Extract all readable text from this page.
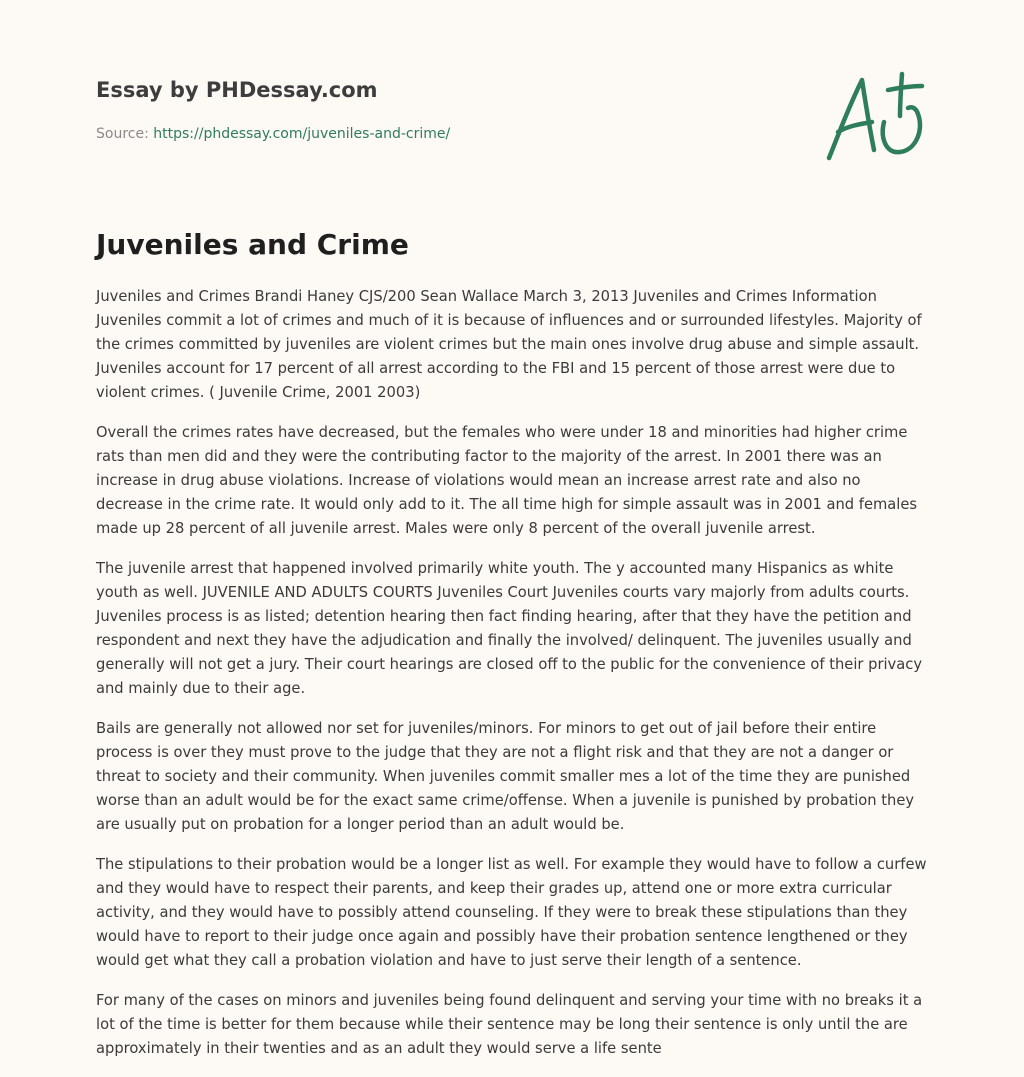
Essay by PHDessay.com
Source: https://phdessay.com/juveniles-and-crime/
Juveniles and Crime

Juveniles and Crimes Brandi Haney CJS/200 Sean Wallace March 3, 2013 Juveniles and Crimes Information Juveniles commit a lot of crimes and much of it is because of influences and or surrounded lifestyles. Majority of the crimes committed by juveniles are violent crimes but the main ones involve drug abuse and simple assault. Juveniles account for 17 percent of all arrest according to the FBI and 15 percent of those arrest were due to violent crimes. ( Juvenile Crime, 2001 2003)

Overall the crimes rates have decreased, but the females who were under 18 and minorities had higher crime rats than men did and they were the contributing factor to the majority of the arrest. In 2001 there was an increase in drug abuse violations. Increase of violations would mean an increase arrest rate and also no decrease in the crime rate. It would only add to it. The all time high for simple assault was in 2001 and females made up 28 percent of all juvenile arrest. Males were only 8 percent of the overall juvenile arrest.

The juvenile arrest that happened involved primarily white youth. The y accounted many Hispanics as white youth as well. JUVENILE AND ADULTS COURTS Juveniles Court Juveniles courts vary majorly from adults courts. Juveniles process is as listed; detention hearing then fact finding hearing, after that they have the petition and respondent and next they have the adjudication and finally the involved/ delinquent. The juveniles usually and generally will not get a jury. Their court hearings are closed off to the public for the convenience of their privacy and mainly due to their age.

Bails are generally not allowed nor set for juveniles/minors. For minors to get out of jail before their entire process is over they must prove to the judge that they are not a flight risk and that they are not a danger or threat to society and their community. When juveniles commit smaller mes a lot of the time they are punished worse than an adult would be for the exact same crime/offense. When a juvenile is punished by probation they are usually put on probation for a longer period than an adult would be.

The stipulations to their probation would be a longer list as well. For example they would have to follow a curfew and they would have to respect their parents, and keep their grades up, attend one or more extra curricular activity, and they would have to possibly attend counseling. If they were to break these stipulations than they would have to report to their judge once again and possibly have their probation sentence lengthened or they would get what they call a probation violation and have to just serve their length of a sentence.

For many of the cases on minors and juveniles being found delinquent and serving your time with no breaks it a lot of the time is better for them because while their sentence may be long their sentence is only until the are approximately in their twenties and as an adult they would serve a life sente
